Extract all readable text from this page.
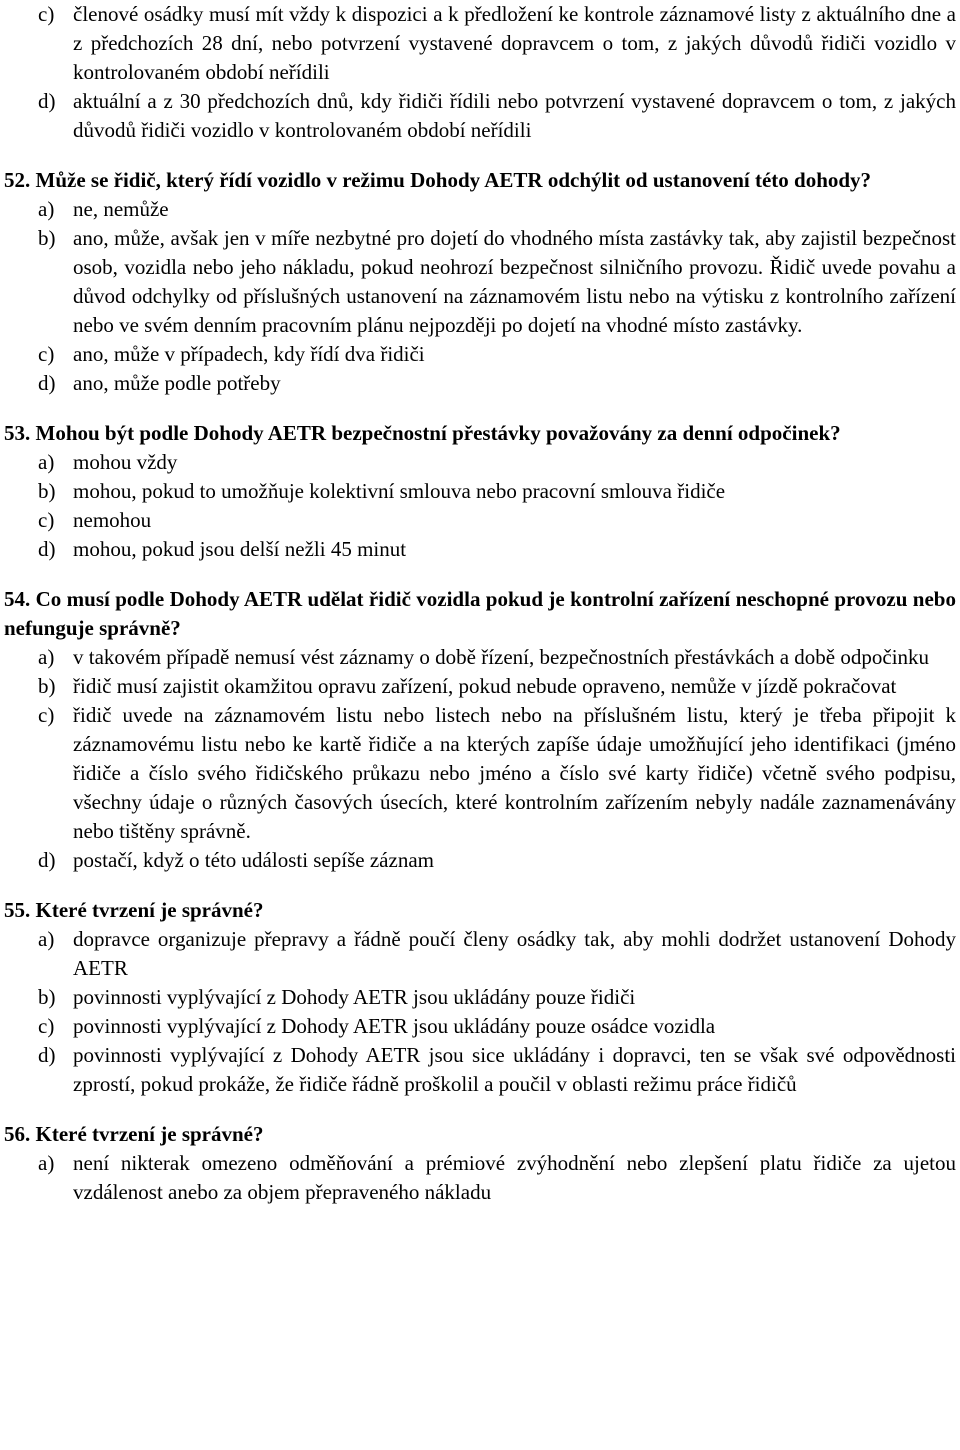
c) členové osádky musí mít vždy k dispozici a k předložení ke kontrole záznamové listy z aktuálního dne a z předchozích 28 dní, nebo potvrzení vystavené dopravcem o tom, z jakých důvodů řidiči vozidlo v kontrolovaném období neřídili
d) aktuální a z 30 předchozích dnů, kdy řidiči řídili nebo potvrzení vystavené dopravcem o tom, z jakých důvodů řidiči vozidlo v kontrolovaném období neřídili

52. Může se řidič, který řídí vozidlo v režimu Dohody AETR odchýlit od ustanovení této dohody?

a) ne, nemůže
b) ano, může, avšak jen v míře nezbytné pro dojetí do vhodného místa zastávky tak, aby zajistil bezpečnost osob, vozidla nebo jeho nákladu, pokud neohrozí bezpečnost silničního provozu. Řidič uvede povahu a důvod odchylky od příslušných ustanovení na záznamovém listu nebo na výtisku z kontrolního zařízení nebo ve svém denním pracovním plánu nejpozději po dojetí na vhodné místo zastávky.
c) ano, může v případech, kdy řídí dva řidiči
d) ano, může podle potřeby

53. Mohou být podle Dohody AETR bezpečnostní přestávky považovány za denní odpočinek?

a) mohou vždy
b) mohou, pokud to umožňuje kolektivní smlouva nebo pracovní smlouva řidiče
c) nemohou
d) mohou, pokud jsou delší nežli 45 minut

54. Co musí podle Dohody AETR udělat řidič vozidla pokud je kontrolní zařízení neschopné provozu nebo nefunguje správně?

a) v takovém případě nemusí vést záznamy o době řízení, bezpečnostních přestávkách a době odpočinku
b) řidič musí zajistit okamžitou opravu zařízení, pokud nebude opraveno, nemůže v jízdě pokračovat
c) řidič uvede na záznamovém listu nebo listech nebo na příslušném listu, který je třeba připojit k záznamovému listu nebo ke kartě řidiče a na kterých zapíše údaje umožňující jeho identifikaci (jméno řidiče a číslo svého řidičského průkazu nebo jméno a číslo své karty řidiče) včetně svého podpisu, všechny údaje o různých časových úsecích, které kontrolním zařízením nebyly nadále zaznamenávány nebo tištěny správně.
d) postačí, když o této události sepíše záznam

55. Které tvrzení je správné?

a) dopravce organizuje přepravy a řádně poučí členy osádky tak, aby mohli dodržet ustanovení Dohody AETR
b) povinnosti vyplývající z Dohody AETR jsou ukládány pouze řidiči
c) povinnosti vyplývající z Dohody AETR jsou ukládány pouze osádce vozidla
d) povinnosti vyplývající z Dohody AETR jsou sice ukládány i dopravci, ten se však své odpovědnosti zprostí, pokud prokáže, že řidiče řádně proškolil a poučil v oblasti režimu práce řidičů

56. Které tvrzení je správné?

a) není nikterak omezeno odměňování a prémiové zvýhodnění nebo zlepšení platu řidiče za ujetou vzdálenost anebo za objem přepraveného nákladu
